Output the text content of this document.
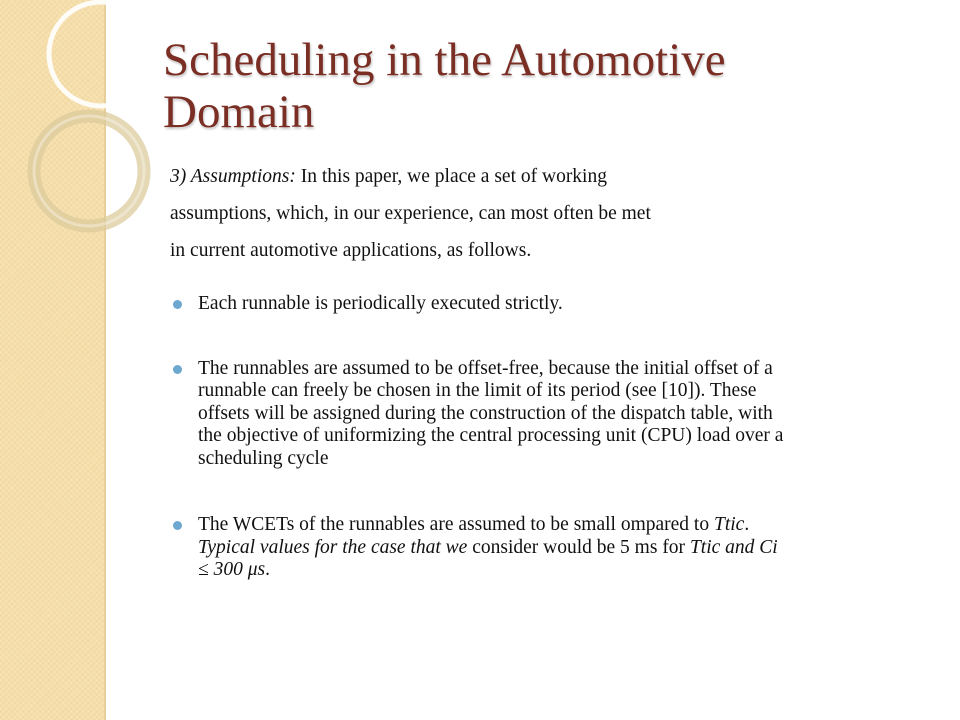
Scheduling in the Automotive
Domain
3) Assumptions: In this paper, we place a set of working
assumptions, which, in our experience, can most often be met
in current automotive applications, as follows.
Each runnable is periodically executed strictly.
The runnables are assumed to be offset-free, because the initial offset of a
runnable can freely be chosen in the limit of its period (see [10]). These
offsets will be assigned during the construction of the dispatch table, with
the objective of uniformizing the central processing unit (CPU) load over a
scheduling cycle
The WCETs of the runnables are assumed to be small ompared to Ttic.
Typical values for the case that we consider would be 5 ms for Ttic and Ci
≤ 300 μs.
